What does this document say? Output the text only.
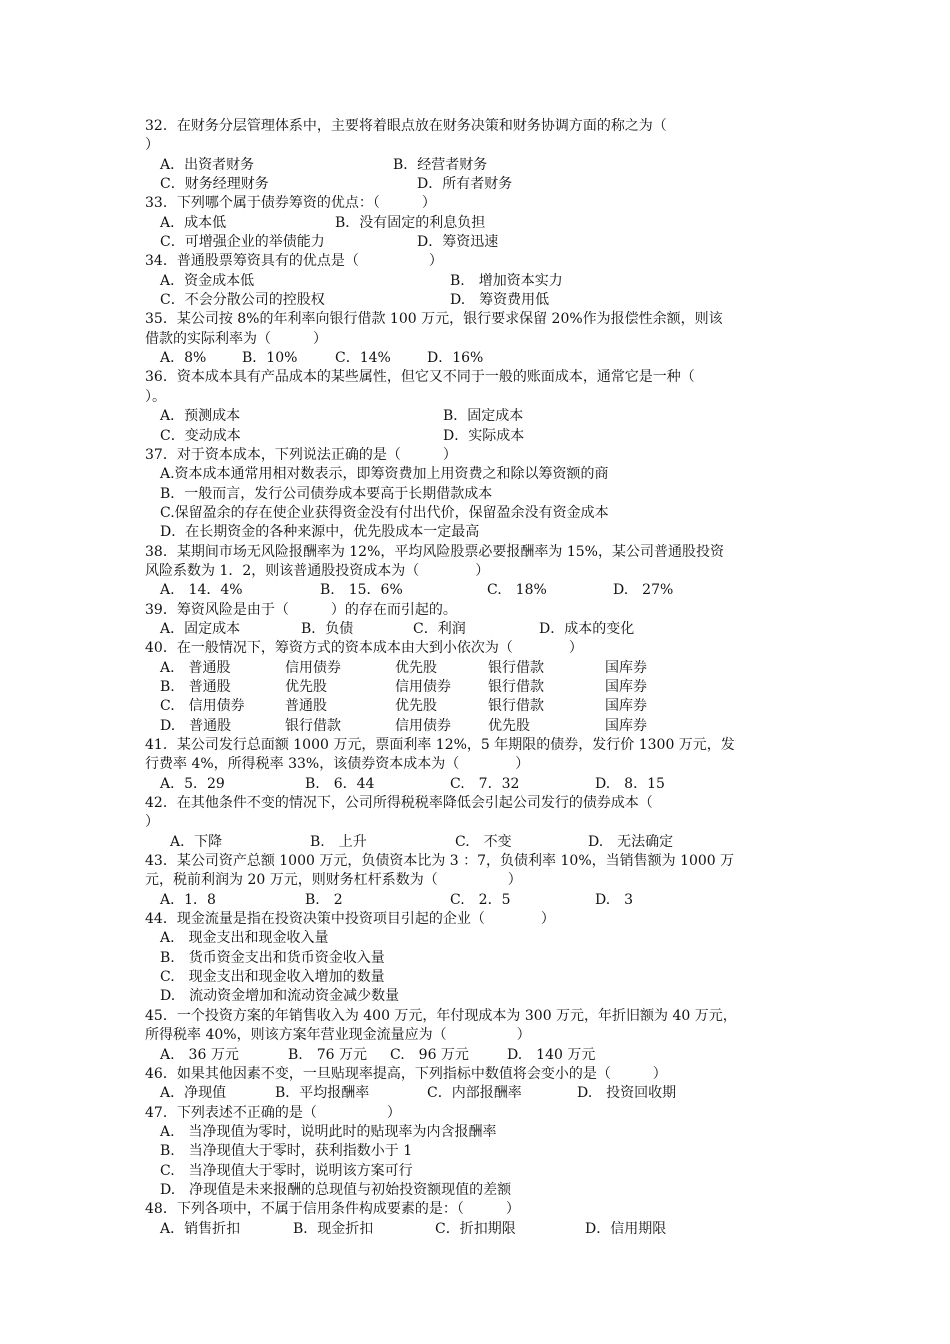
32．在财务分层管理体系中，主要将着眼点放在财务决策和财务协调方面的称之为（
）
A．出资者财务	B．经营者财务
C．财务经理财务	D．所有者财务
33．下列哪个属于债券筹资的优点：（　　　）
A．成本低	B．没有固定的利息负担
C．可增强企业的举债能力	D．筹资迅速
34．普通股票筹资具有的优点是（　　　　　）
A．资金成本低	B.　增加资本实力
C．不会分散公司的控股权	D.　筹资费用低
35．某公司按 8%的年利率向银行借款 100 万元，银行要求保留 20%作为报偿性余额，则该
借款的实际利率为（　　　）
A．8%	B．10%	C．14%	D．16%
36．资本成本具有产品成本的某些属性，但它又不同于一般的账面成本，通常它是一种（
）。
A．预测成本	B．固定成本
C．变动成本	D．实际成本
37．对于资本成本，下列说法正确的是（　　　）
A.资本成本通常用相对数表示，即筹资费加上用资费之和除以筹资额的商
B．一般而言，发行公司债券成本要高于长期借款成本
C.保留盈余的存在使企业获得资金没有付出代价，保留盈余没有资金成本
D．在长期资金的各种来源中，优先股成本一定最高
38．某期间市场无风险报酬率为 12%，平均风险股票必要报酬率为 15%，某公司普通股投资
风险系数为 1．2，则该普通股投资成本为（　　　　）
A.　14．4%	B.　15．6%	C.　18%	D.　27%
39．筹资风险是由于（　　　）的存在而引起的。
A．固定成本	B．负债	C．利润	D．成本的变化
40．在一般情况下，筹资方式的资本成本由大到小依次为（　　　　）
A.　普通股	信用债券	优先股	银行借款	国库券
B.　普通股	优先股	信用债券	银行借款	国库券
C.　信用债券	普通股	优先股	银行借款	国库券
D.　普通股	银行借款	信用债券	优先股	国库券
41．某公司发行总面额 1000 万元，票面利率 12%，5 年期限的债券，发行价 1300 万元，发
行费率 4%，所得税率 33%，该债券资本成本为（　　　　）
A．5．29	B.　6．44	C.　7．32	D.　8．15
42．在其他条件不变的情况下，公司所得税税率降低会引起公司发行的债券成本（
）
A．下降	B.　上升	C.　不变	D.　无法确定
43．某公司资产总额 1000 万元，负债资本比为 3 ：7，负债利率 10%，当销售额为 1000 万
元，税前利润为 20 万元，则财务杠杆系数为（　　　　　）
A．1．8	B.　2	C.　2．5	D.　3
44．现金流量是指在投资决策中投资项目引起的企业（　　　　）
A.　现金支出和现金收入量
B.　货币资金支出和货币资金收入量
C.　现金支出和现金收入增加的数量
D.　流动资金增加和流动资金减少数量
45．一个投资方案的年销售收入为 400 万元，年付现成本为 300 万元，年折旧额为 40 万元，
所得税率 40%，则该方案年营业现金流量应为（　　　　　）
A.　36 万元	B.　76 万元 C.　96 万元	D.　140 万元
46．如果其他因素不变，一旦贴现率提高，下列指标中数值将会变小的是（　　　）
A．净现值	B．平均报酬率	C．内部报酬率	D.　投资回收期
47．下列表述不正确的是（　　　　　）
A.　当净现值为零时，说明此时的贴现率为内含报酬率
B.　当净现值大于零时，获利指数小于 1
C.　当净现值大于零时，说明该方案可行
D.　净现值是未来报酬的总现值与初始投资额现值的差额
48．下列各项中，不属于信用条件构成要素的是：（　　　）
A．销售折扣	B．现金折扣	C．折扣期限	D．信用期限
